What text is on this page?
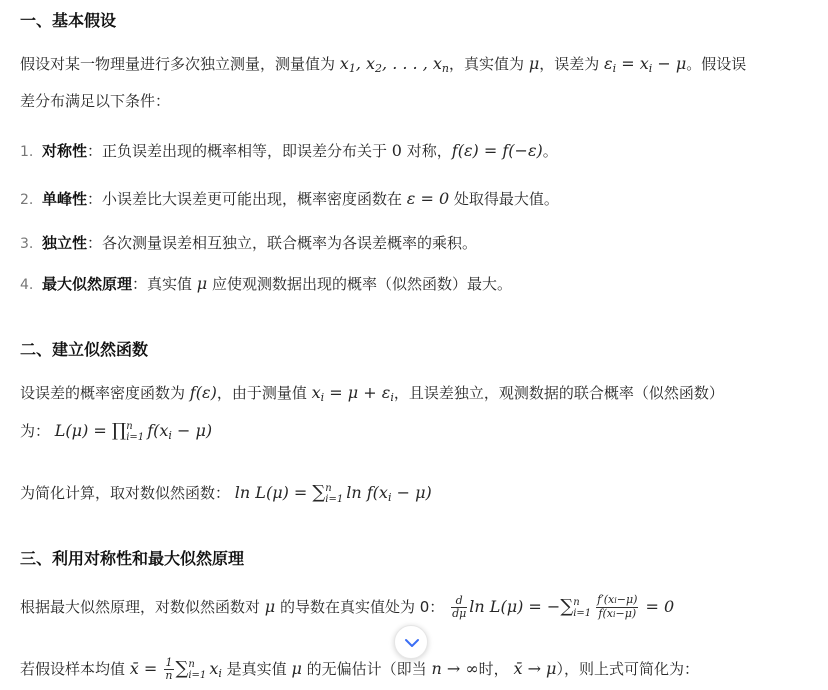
一、基本假设
假设对某一物理量进行多次独立测量，测量值为 $x_1$, $x_2$, . . . , $x_n$，真实值为 μ，误差为 $\varepsilon_i = x_i - \mu$。假设误
差分布满足以下条件：
1. 对称性：正负误差出现的概率相等，即误差分布关于 0 对称，f(ε) = f(−ε)。
2. 单峰性：小误差比大误差更可能出现，概率密度函数在 ε = 0 处取得最大值。
3. 独立性：各次测量误差相互独立，联合概率为各误差概率的乘积。
4. 最大似然原理：真实值 μ 应使观测数据出现的概率（似然函数）最大。
二、建立似然函数
设误差的概率密度函数为 f(ε)，由于测量值 $x_i = \mu + \varepsilon_i$，且误差独立，观测数据的联合概率（似然函数）
为： L(μ) = ∏ n
i=1 $f(x_i - \mu)$
为简化计算，取对数似然函数： ln L(μ) = ∑ n
i=1 $\ln f(x_i - \mu)$
三、利用对称性和最大似然原理
根据最大似然原理，对数似然函数对 μ 的导数在真实值处为 0： $\frac{d}{d\mu}$ ln L(μ) = −∑ n
$i=1 \frac{f'(xi-\mu)}{f(xi-\mu)} = 0$
若假设样本均值 x̄ = $\frac{1}{n}$ ∑ n
i=1 $x_i$ 是真实值 μ 的无偏估计（即当 n → ∞时， x̄ → μ），则上式可简化为：
